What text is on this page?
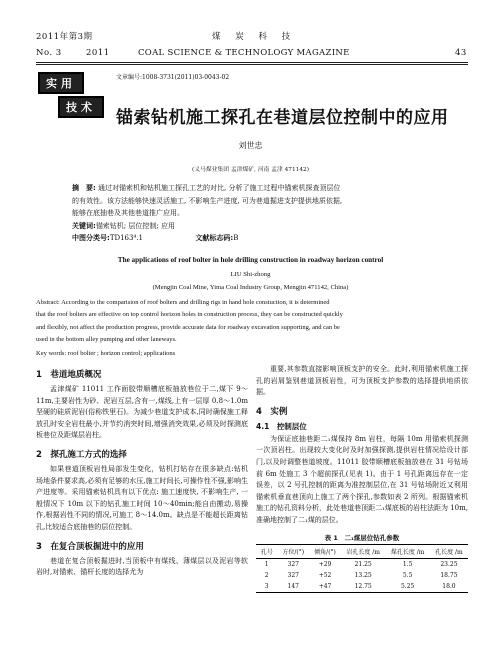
2011年第3期	煤 炭 科 技
No. 3	2011	COAL SCIENCE & TECHNOLOGY MAGAZINE	43
实用
技术
文章编号:1008-3731(2011)03-0043-02
锚索钻机施工探孔在巷道层位控制中的应用
刘世忠
(义马煤业集团 孟津煤矿, 河南 孟津 471142)
摘　要: 通过对锚索机和钻机施工探孔工艺的对比, 分析了施工过程中锚索机探查顶层位
的有效性。该方法能够快速灵活施工, 不影响生产进度, 可为巷道掘进支护提供地质依据,
能够在底抽巷及其他巷道推广应用。
关键词:锚索钻机; 层位控制; 应用
中图分类号:TD163⁴.1	文献标志码:B
The applications of roof bolter in hole drilling construction in roadway horizon control
LIU Shi-zhong
(Mengjin Coal Mine, Yima Coal Industry Group, Mengjin 471142, China)
Abstract: According to the comparision of roof bolters and drilling rigs in hand hole constuction, it is determined
that the roof bolters are effective on top control horizon holes in construction process, they can be constructed quickly
and flexibly, not affect the production progress, provide accurate data for roadway excavation supporting, and can be
used in the bottom alley pumping and other laneways.
Key words: roof bolter ; horizon control; applications
1　巷道地质概况
孟津煤矿 11011 工作面胶带顺槽底板抽放巷位于二,煤下 9～11m,主要岩性为砂、泥岩互层,含有一,煤线,上有一层厚 0.8～1.0m 坚硬的硅质泥岩(俗称铁里石)。为减少巷道支护成本,同时确保施工释放孔时安全岩柱最小,并节约消突时间,增强消突效果,必须及时探测底板巷位及距煤层岩柱。
2　探孔施工方式的选择
如果巷道顶板岩性局部发生变化，钻机打钻存在很多缺点:钻机场地条件要求高,必须有足够的水压,施工时间长,可操作性不强,影响生产进度等。采用锚索钻机具有以下优点: 施工速度快, 不影响生产, 一般情况下 10m 以下的钻孔施工时间 10～40min;能自由搬动,易操作,根据岩性不同的情况,可施工 8～14.0m。缺点是不能超长距离钻孔,比较适合底抽巷的层位控制。
3　在复合顶板掘进中的应用
巷道在复合顶板掘进时,当顶板中有煤线、薄煤层以及泥岩等软岩时,对锚索、锚杆长度的选择尤为
重要,其参数直接影响顶板支护的安全。此时,利用锚索机施工探孔的岩屑鉴别巷道顶板岩性，可为顶板支护参数的选择提供地质依据。
4　实例
4.1　控制层位
为保证底抽巷距二₁煤保持 8m 岩柱，每隔 10m 用锚索机探测一次顶岩柱。出现较大变化时及时加强探测,提供岩柱情况给设计部门,以及时调整巷道坡度。11011 胶带顺槽底板抽放巷在 31 号钻场前 6m 处施工 3 个超前探孔(见表 1)。由于 1 号孔距离远存在一定误差，以 2 号孔控制的距离为准控制层位,在 31 号钻场附近又利用锚索机垂直巷顶向上施工了两个探孔,参数如表 2 所列。根据锚索机施工的钻孔资料分析，此处巷道巷顶距二₁煤底板的岩柱法距为 10m,准确地控制了二₁煤的层位。
表 1　二₁煤层位钻孔参数
孔号	方位/(°)	倾角/(°)	岩孔长度 /m	煤孔长度 /m	孔长度 /m
1	327	+29	21.25	1.5	23.25
2	327	+52	13.25	5.5	18.75
3	147	+47	12.75	5.25	18.0
